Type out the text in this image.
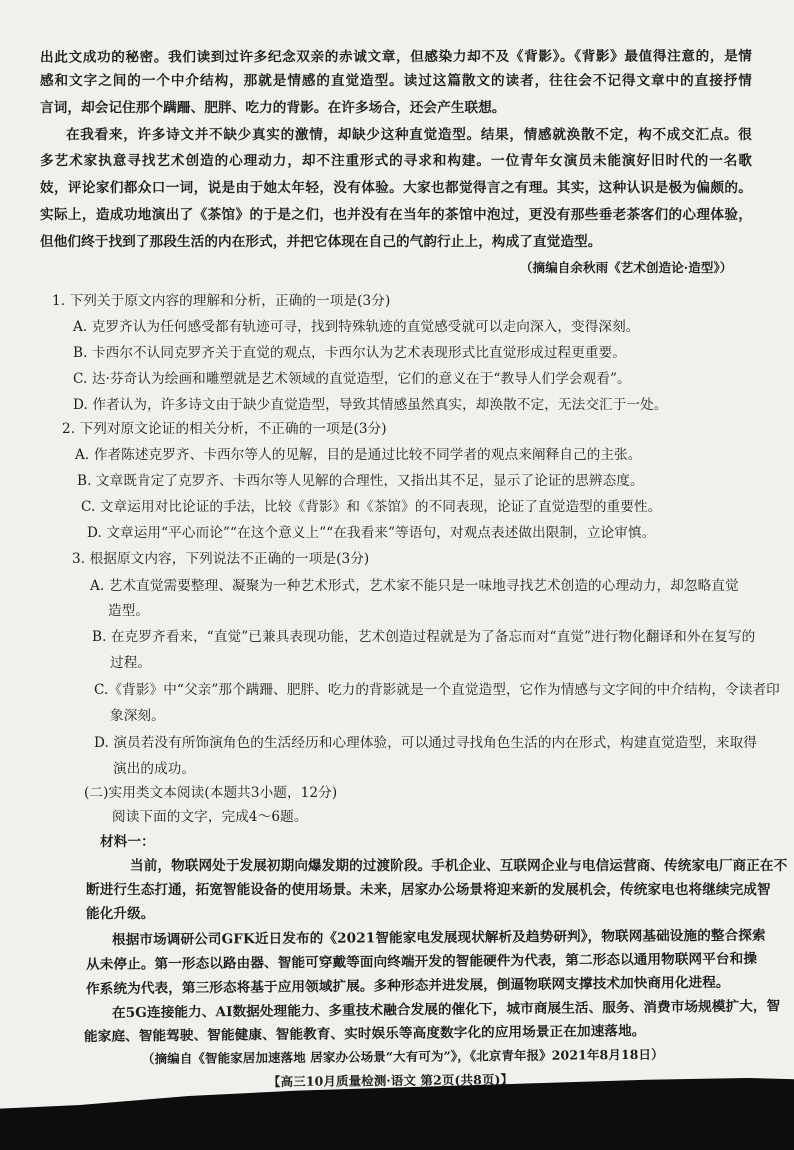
出此文成功的秘密。我们读到过许多纪念双亲的赤诚文章，但感染力却不及《背影》。《背影》最值得注意的，是情

感和文字之间的一个中介结构，那就是情感的直觉造型。读过这篇散文的读者，往往会不记得文章中的直接抒情

言词，却会记住那个蹒跚、肥胖、吃力的背影。在许多场合，还会产生联想。

在我看来，许多诗文并不缺少真实的激情，却缺少这种直觉造型。结果，情感就涣散不定，构不成交汇点。很

多艺术家执意寻找艺术创造的心理动力，却不注重形式的寻求和构建。一位青年女演员未能演好旧时代的一名歌

妓，评论家们都众口一词，说是由于她太年轻，没有体验。大家也都觉得言之有理。其实，这种认识是极为偏颇的。

实际上，造成功地演出了《茶馆》的于是之们，也并没有在当年的茶馆中泡过，更没有那些垂老茶客们的心理体验，

但他们终于找到了那段生活的内在形式，并把它体现在自己的气韵行止上，构成了直觉造型。

（摘编自余秋雨《艺术创造论·造型》）

1. 下列关于原文内容的理解和分析，正确的一项是(3分)

A. 克罗齐认为任何感受都有轨迹可寻，找到特殊轨迹的直觉感受就可以走向深入，变得深刻。

B. 卡西尔不认同克罗齐关于直觉的观点，卡西尔认为艺术表现形式比直觉形成过程更重要。

C. 达·芬奇认为绘画和雕塑就是艺术领域的直觉造型，它们的意义在于“教导人们学会观看”。

D. 作者认为，许多诗文由于缺少直觉造型，导致其情感虽然真实，却涣散不定，无法交汇于一处。

2. 下列对原文论证的相关分析，不正确的一项是(3分)

A. 作者陈述克罗齐、卡西尔等人的见解，目的是通过比较不同学者的观点来阐释自己的主张。

B. 文章既肯定了克罗齐、卡西尔等人见解的合理性，又指出其不足，显示了论证的思辨态度。

C. 文章运用对比论证的手法，比较《背影》和《茶馆》的不同表现，论证了直觉造型的重要性。

D. 文章运用“平心而论”“在这个意义上”“在我看来”等语句，对观点表述做出限制，立论审慎。

3. 根据原文内容，下列说法不正确的一项是(3分)

A. 艺术直觉需要整理、凝聚为一种艺术形式，艺术家不能只是一味地寻找艺术创造的心理动力，却忽略直觉

造型。

B. 在克罗齐看来，“直觉”已兼具表现功能，艺术创造过程就是为了备忘而对“直觉”进行物化翻译和外在复写的

过程。

C.《背影》中“父亲”那个蹒跚、肥胖、吃力的背影就是一个直觉造型，它作为情感与文字间的中介结构，令读者印

象深刻。

D. 演员若没有所饰演角色的生活经历和心理体验，可以通过寻找角色生活的内在形式，构建直觉造型，来取得

演出的成功。

(二)实用类文本阅读(本题共3小题，12分)

阅读下面的文字，完成4～6题。

材料一：

当前，物联网处于发展初期向爆发期的过渡阶段。手机企业、互联网企业与电信运营商、传统家电厂商正在不

断进行生态打通，拓宽智能设备的使用场景。未来，居家办公场景将迎来新的发展机会，传统家电也将继续完成智

能化升级。

根据市场调研公司GFK近日发布的《2021智能家电发展现状解析及趋势研判》，物联网基础设施的整合探索

从未停止。第一形态以路由器、智能可穿戴等面向终端开发的智能硬件为代表，第二形态以通用物联网平台和操

作系统为代表，第三形态将基于应用领域扩展。多种形态并进发展，倒逼物联网支撑技术加快商用化进程。

在5G连接能力、AI数据处理能力、多重技术融合发展的催化下，城市商展生活、服务、消费市场规模扩大，智

能家庭、智能驾驶、智能健康、智能教育、实时娱乐等高度数字化的应用场景正在加速落地。

（摘编自《智能家居加速落地 居家办公场景“大有可为”》，《北京青年报》2021年8月18日）

【高三10月质量检测·语文 第2页(共8页)】
